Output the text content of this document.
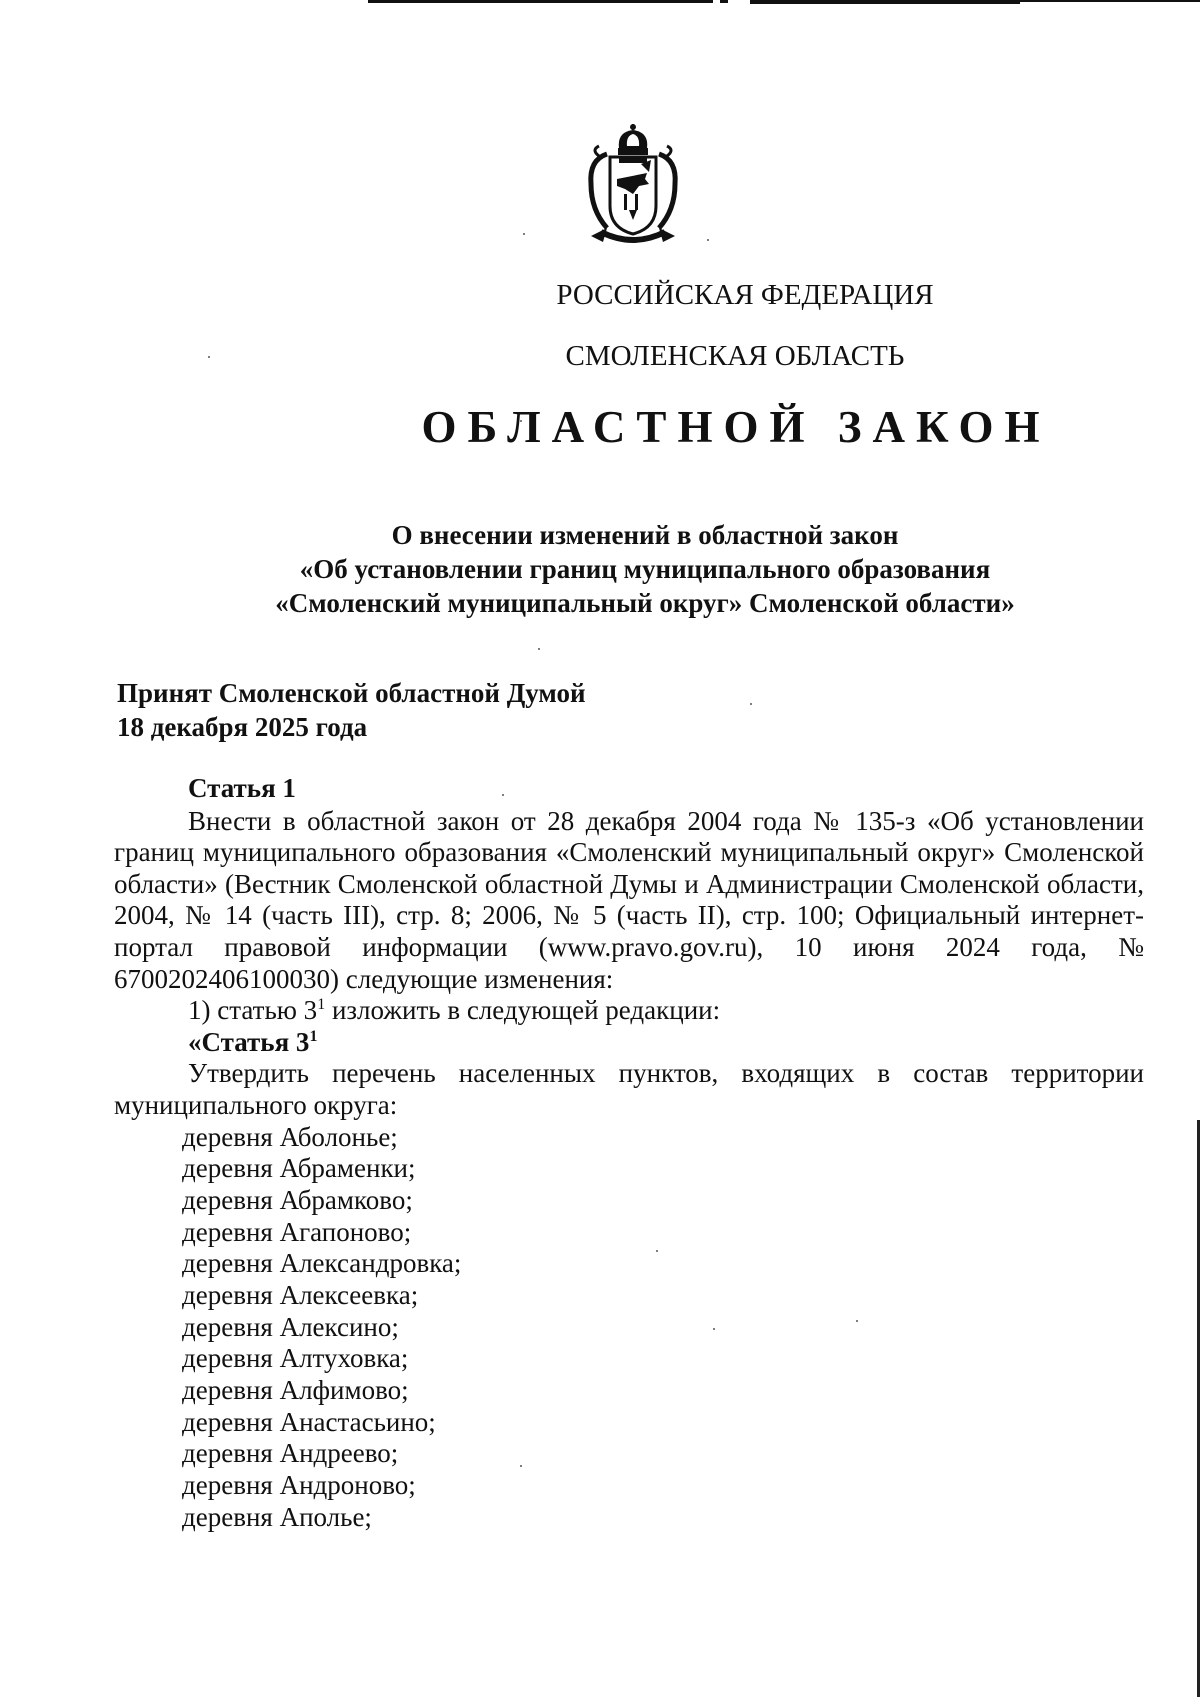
РОССИЙСКАЯ ФЕДЕРАЦИЯ
СМОЛЕНСКАЯ ОБЛАСТЬ
ОБЛАСТНОЙ ЗАКОН
О внесении изменений в областной закон
«Об установлении границ муниципального образования
«Смоленский муниципальный округ» Смоленской области»
Принят Смоленской областной Думой
18 декабря 2025 года
Статья 1

Внести в областной закон от 28 декабря 2004 года № 135-з «Об установлении границ муниципального образования «Смоленский муниципальный округ» Смоленской области» (Вестник Смоленской областной Думы и Администрации Смоленской области, 2004, № 14 (часть III), стр. 8; 2006, № 5 (часть II), стр. 100; Официальный интернет-портал правовой информации (www.pravo.gov.ru), 10 июня 2024 года, № 6700202406100030) следующие изменения:

1) статью $3^1$ изложить в следующей редакции:
«Статья $3^1$

Утвердить перечень населенных пунктов, входящих в состав территории муниципального округа:

деревня Аболонье;
деревня Абраменки;
деревня Абрамково;
деревня Агапоново;
деревня Александровка;
деревня Алексеевка;
деревня Алексино;
деревня Алтуховка;
деревня Алфимово;
деревня Анастасьино;
деревня Андреево;
деревня Андроново;
деревня Аполье;
